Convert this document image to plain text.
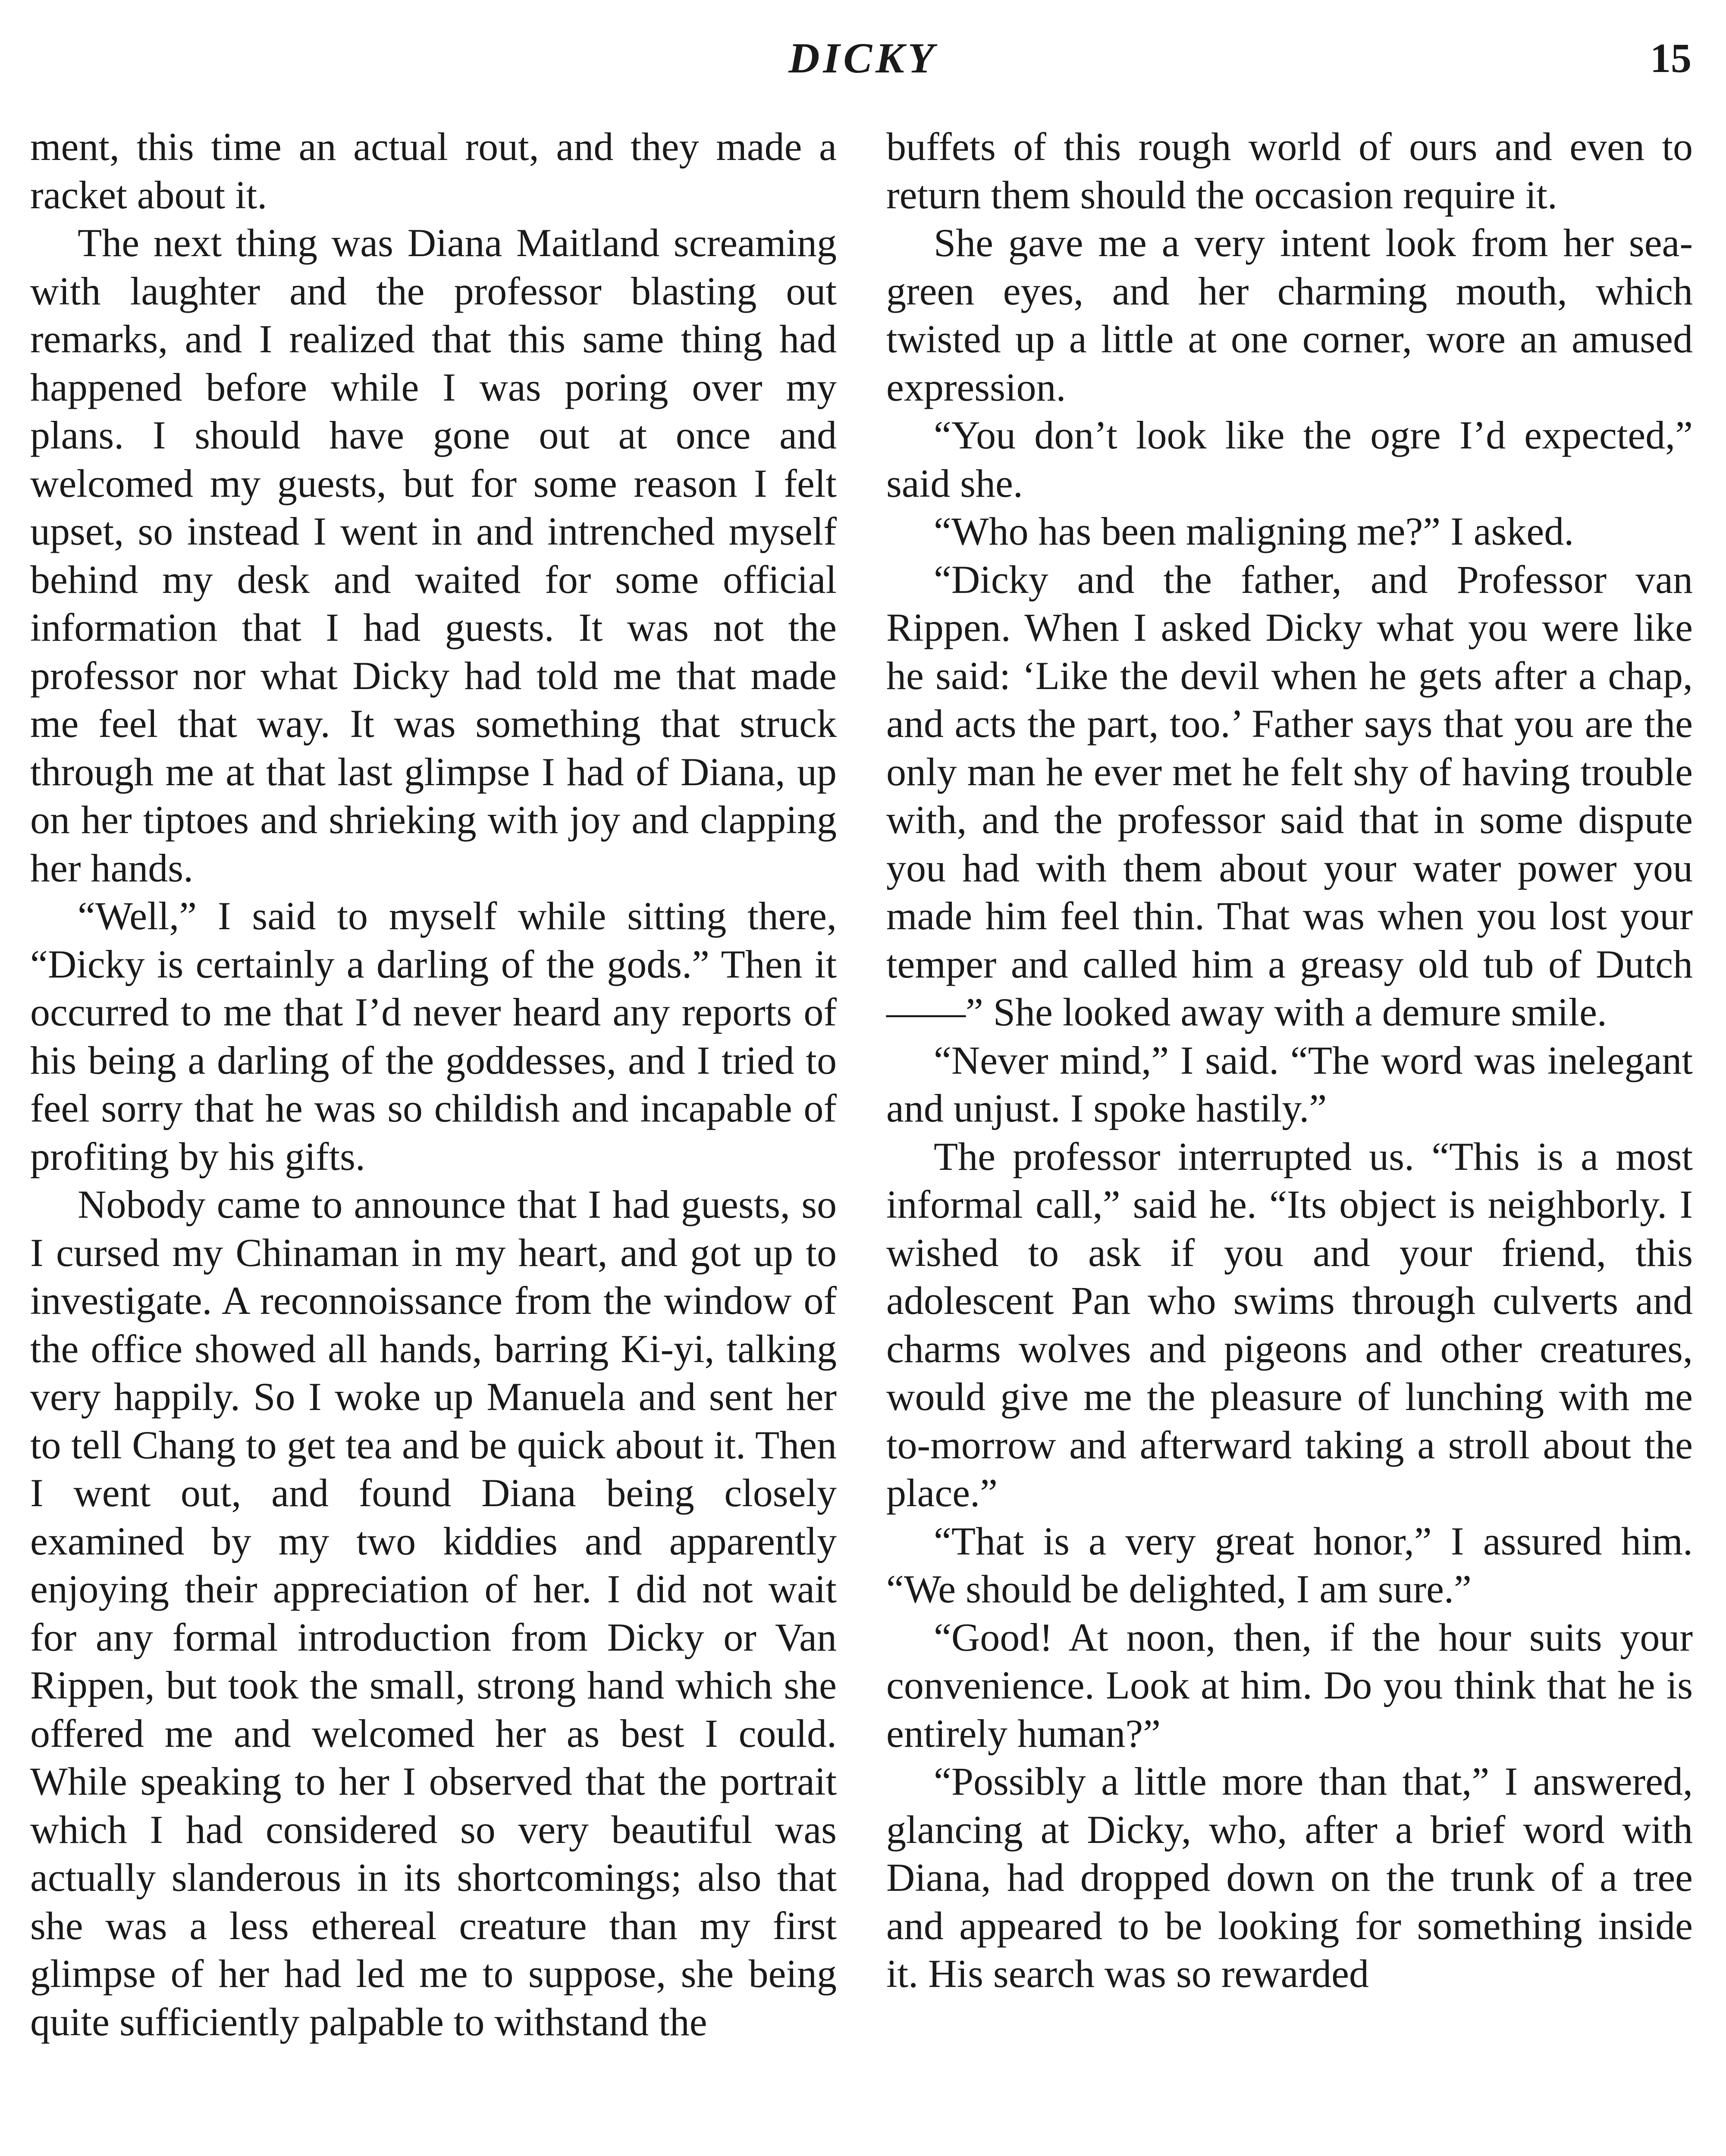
DICKY	15

ment, this time an actual rout, and they made a racket about it.

The next thing was Diana Maitland screaming with laughter and the professor blasting out remarks, and I realized that this same thing had happened before while I was poring over my plans. I should have gone out at once and welcomed my guests, but for some reason I felt upset, so instead I went in and intrenched myself behind my desk and waited for some official information that I had guests. It was not the professor nor what Dicky had told me that made me feel that way. It was something that struck through me at that last glimpse I had of Diana, up on her tiptoes and shrieking with joy and clapping her hands.

“Well,” I said to myself while sitting there, “Dicky is certainly a darling of the gods.” Then it occurred to me that I’d never heard any reports of his being a darling of the goddesses, and I tried to feel sorry that he was so childish and incapable of profiting by his gifts.

Nobody came to announce that I had guests, so I cursed my Chinaman in my heart, and got up to investigate. A reconnoissance from the window of the office showed all hands, barring Ki-yi, talking very happily. So I woke up Manuela and sent her to tell Chang to get tea and be quick about it. Then I went out, and found Diana being closely examined by my two kiddies and apparently enjoying their appreciation of her. I did not wait for any formal introduction from Dicky or Van Rippen, but took the small, strong hand which she offered me and welcomed her as best I could. While speaking to her I observed that the portrait which I had considered so very beautiful was actually slanderous in its shortcomings; also that she was a less ethereal creature than my first glimpse of her had led me to suppose, she being quite sufficiently palpable to withstand the

buffets of this rough world of ours and even to return them should the occasion require it.

She gave me a very intent look from her sea-green eyes, and her charming mouth, which twisted up a little at one corner, wore an amused expression.

“You don’t look like the ogre I’d expected,” said she.

“Who has been maligning me?” I asked.

“Dicky and the father, and Professor van Rippen. When I asked Dicky what you were like he said: ‘Like the devil when he gets after a chap, and acts the part, too.’ Father says that you are the only man he ever met he felt shy of having trouble with, and the professor said that in some dispute you had with them about your water power you made him feel thin. That was when you lost your temper and called him a greasy old tub of Dutch——” She looked away with a demure smile.

“Never mind,” I said. “The word was inelegant and unjust. I spoke hastily.”

The professor interrupted us. “This is a most informal call,” said he. “Its object is neighborly. I wished to ask if you and your friend, this adolescent Pan who swims through culverts and charms wolves and pigeons and other creatures, would give me the pleasure of lunching with me to-morrow and afterward taking a stroll about the place.”

“That is a very great honor,” I assured him. “We should be delighted, I am sure.”

“Good! At noon, then, if the hour suits your convenience. Look at him. Do you think that he is entirely human?”

“Possibly a little more than that,” I answered, glancing at Dicky, who, after a brief word with Diana, had dropped down on the trunk of a tree and appeared to be looking for something inside it. His search was so rewarded
